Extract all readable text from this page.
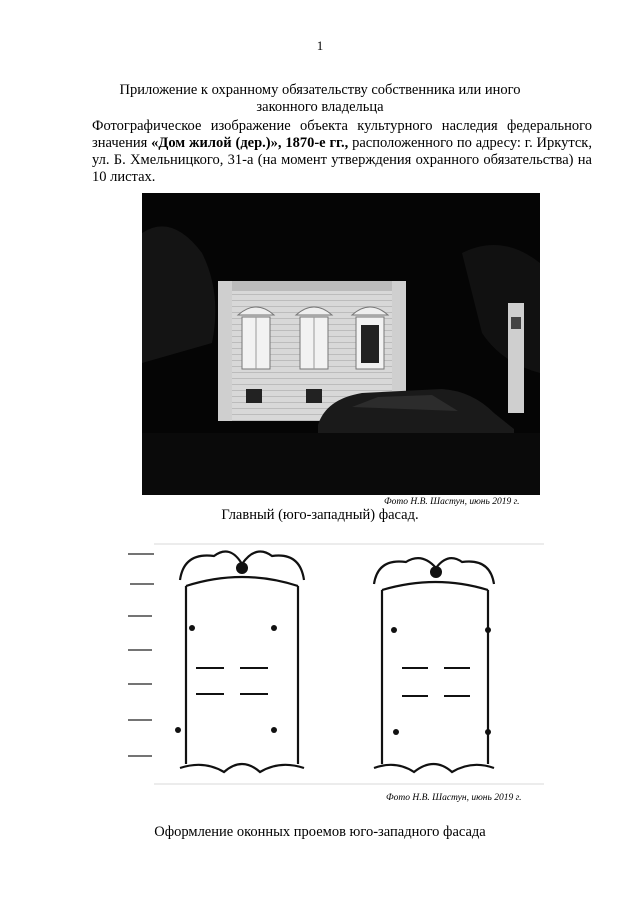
1
Приложение к охранному обязательству собственника или иного
законного владельца
Фотографическое изображение объекта культурного наследия федерального значения «Дом жилой (дер.)», 1870-е гг., расположенного по адресу: г. Иркутск, ул. Б. Хмельницкого, 31-а (на момент утверждения охранного обязательства) на 10 листах.
Фото Н.В. Шастун, июнь 2019 г.
Главный (юго-западный) фасад.
Фото Н.В. Шастун, июнь 2019 г.
Оформление оконных проемов юго-западного фасада
